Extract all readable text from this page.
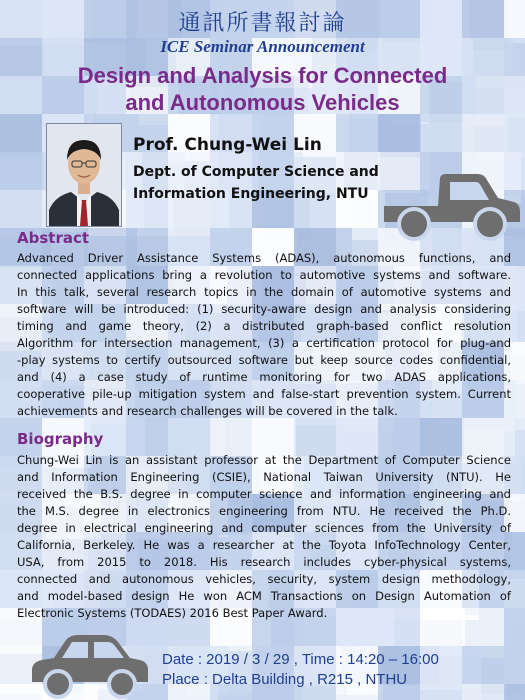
通訊所書報討論
ICE Seminar Announcement
Design and Analysis for Connected
and Autonomous Vehicles
Prof. Chung-Wei Lin
Dept. of Computer Science and
Information Engineering, NTU
Abstract
Advanced Driver Assistance Systems (ADAS), autonomous functions, and
connected applications bring a revolution to automotive systems and software.
In this talk, several research topics in the domain of automotive systems and
software will be introduced: (1) security-aware design and analysis considering
timing and game theory, (2) a distributed graph-based conflict resolution
Algorithm for intersection management, (3) a certification protocol for plug-and
-play systems to certify outsourced software but keep source codes confidential,
and (4) a case study of runtime monitoring for two ADAS applications,
cooperative pile-up mitigation system and false-start prevention system. Current
achievements and research challenges will be covered in the talk.
Biography
Chung-Wei Lin is an assistant professor at the Department of Computer Science
and Information Engineering (CSIE), National Taiwan University (NTU). He
received the B.S. degree in computer science and information engineering and
the M.S. degree in electronics engineering from NTU. He received the Ph.D.
degree in electrical engineering and computer sciences from the University of
California, Berkeley. He was a researcher at the Toyota InfoTechnology Center,
USA, from 2015 to 2018. His research includes cyber-physical systems,
connected and autonomous vehicles, security, system design methodology,
and model-based design He won ACM Transactions on Design Automation of
Electronic Systems (TODAES) 2016 Best Paper Award.
Date : 2019 / 3 / 29 , Time : 14:20 – 16:00
Place : Delta Building , R215 , NTHU
